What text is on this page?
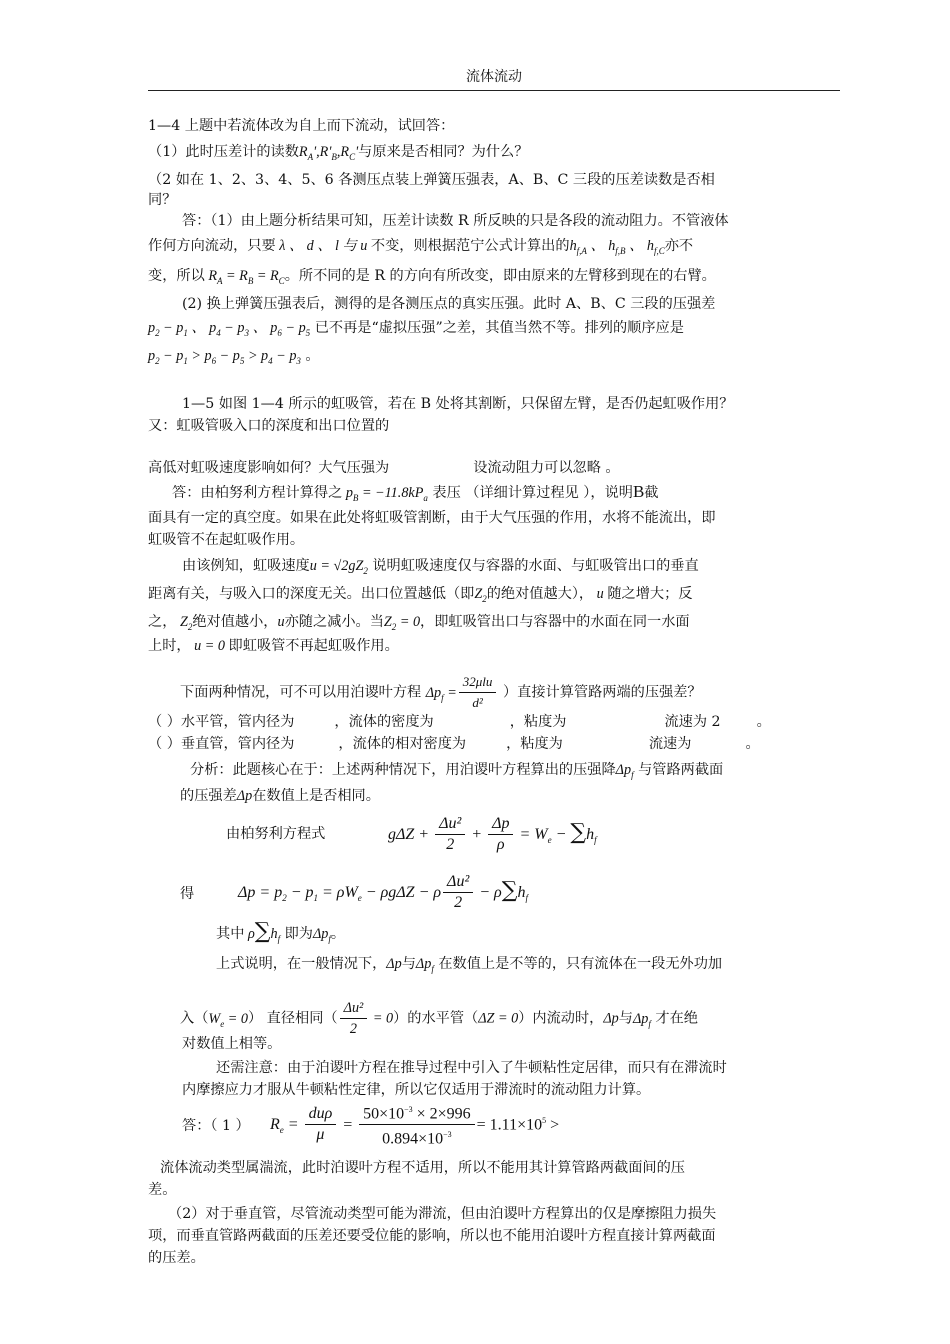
流体流动
1—4 上题中若流体改为自上而下流动，试回答：
（1）此时压差计的读数$R_A',R'_B,R_C'$与原来是否相同？为什么？
（2 如在 1、2、3、4、5、6 各测压点装上弹簧压强表，A、B、C 三段的压差读数是否相
同？
答：（1）由上题分析结果可知，压差计读数 R 所反映的只是各段的流动阻力。不管液体
作何方向流动，只要 λ 、 d 、 l 与 u 不变，则根据范宁公式计算出的$h_{f,A}$ 、 $h_{f,B}$ 、 $h_{f,C}$亦不
变，所以 $R_A = R_B = R_C$。所不同的是 R 的方向有所改变，即由原来的左臂移到现在的右臂。
(2) 换上弹簧压强表后，测得的是各测压点的真实压强。此时 A、B、C 三段的压强差
$p_2 - p_1$ 、 $p_4 - p_3$ 、 $p_6 - p_5$ 已不再是“虚拟压强”之差，其值当然不等。排列的顺序应是
$p_2 - p_1 > p_6 - p_5 > p_4 - p_3$ 。
1—5 如图 1—4 所示的虹吸管，若在 B 处将其割断，只保留左臂，是否仍起虹吸作用？
又：虹吸管吸入口的深度和出口位置的
高低对虹吸速度影响如何？大气压强为	设流动阻力可以忽略 。
答：由柏努利方程计算得之 $p_B = -11.8kP_a$ 表压 （详细计算过程见 ），说明B截
面具有一定的真空度。如果在此处将虹吸管割断，由于大气压强的作用，水将不能流出，即
虹吸管不在起虹吸作用。
由该例知，虹吸速度$u = √2gZ_2$ 说明虹吸速度仅与容器的水面、与虹吸管出口的垂直
距离有关，与吸入口的深度无关。出口位置越低（即$Z_2$的绝对值越大）， u 随之增大；反
之， $Z_2$绝对值越小，u亦随之减小。当$Z_2 = 0$，即虹吸管出口与容器中的水面在同一水面
上时， u = 0 即虹吸管不再起虹吸作用。
下面两种情况，可不可以用泊谡叶方程 $\Delta p_f = \frac{\text{32μlu}}{\text{d²}}$ ）直接计算管路两端的压强差？
（ ）水平管，管内径为	，流体的密度为	，粘度为	流速为 2	。
（ ）垂直管，管内径为	，流体的相对密度为	，粘度为	流速为	。
分析：此题核心在于：上述两种情况下，用泊谡叶方程算出的压强降$\Delta p_f$ 与管路两截面
的压强差Δp在数值上是否相同。
由柏努利方程式	$g\Delta Z + \frac{\text{Δu²}}{2} + \frac{\Delta p}{\rho} = W_e - \sum h_f$
得	$\Delta p = p_2 - p_1 = \rho W_e - \rho g\Delta Z - \rho \frac{\text{Δu²}}{2} - \rho\sum h_f$
其中 $\rho\sum h_f$ 即为$\Delta p_f$。
上式说明，在一般情况下，Δp与$\Delta p_f$ 在数值上是不等的，只有流体在一段无外功加
入$(W_e = 0)$ 直径相同（ $\frac{\text{Δu²}}{2} = 0$）的水平管（ΔZ = 0）内流动时，Δp与$\Delta p_f$ 才在绝
对数值上相等。
还需注意：由于泊谡叶方程在推导过程中引入了牛顿粘性定居律，而只有在滞流时
内摩擦应力才服从牛顿粘性定律，所以它仅适用于滞流时的流动阻力计算。
答：（ 1 ） $R_e = \frac{\text{duρ}}{\mu} = \frac{50\times 10^{-3} \times 2\times 996}{0.894\times 10^{-3}} = 1.11\times 10^5$ >
流体流动类型属湍流，此时泊谡叶方程不适用，所以不能用其计算管路两截面间的压
差。
（2）对于垂直管，尽管流动类型可能为滞流，但由泊谡叶方程算出的仅是摩擦阻力损失
项，而垂直管路两截面的压差还要受位能的影响，所以也不能用泊谡叶方程直接计算两截面
的压差。
